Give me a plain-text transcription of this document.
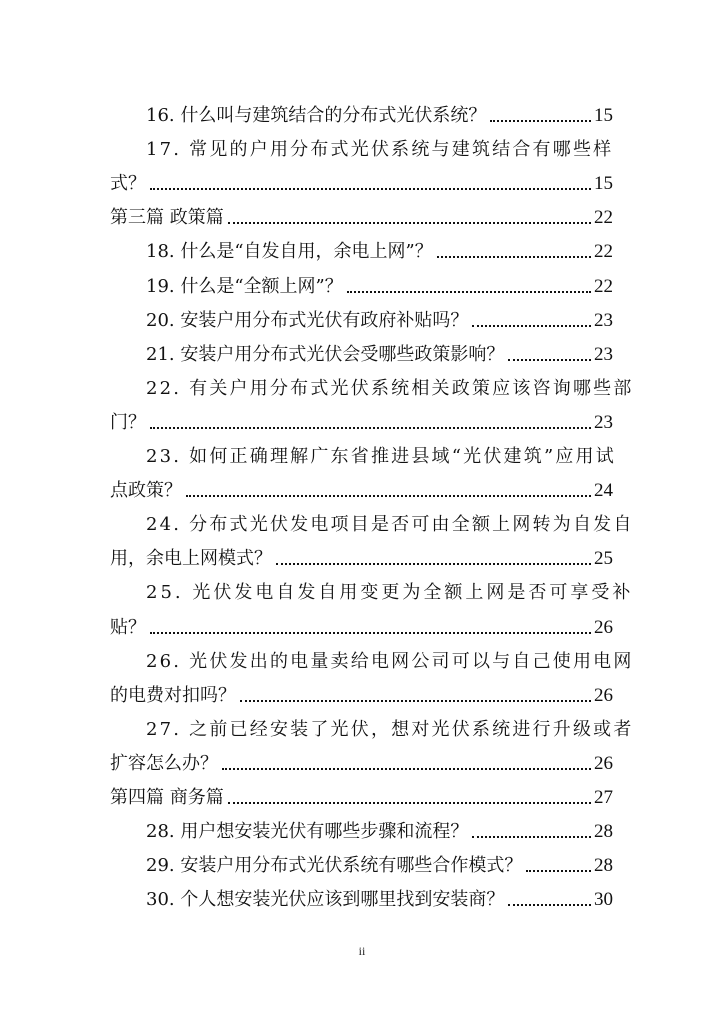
16. 什么叫与建筑结合的分布式光伏系统？	15
17. 常见的户用分布式光伏系统与建筑结合有哪些样
式？	15
第三篇 政策篇	22
18. 什么是“自发自用，余电上网”？	22
19. 什么是“全额上网”？	22
20. 安装户用分布式光伏有政府补贴吗？	23
21. 安装户用分布式光伏会受哪些政策影响？	23
22. 有关户用分布式光伏系统相关政策应该咨询哪些部
门？	23
23. 如何正确理解广东省推进县域“光伏建筑”应用试
点政策？	24
24. 分布式光伏发电项目是否可由全额上网转为自发自
用，余电上网模式？	25
25. 光伏发电自发自用变更为全额上网是否可享受补
贴？	26
26. 光伏发出的电量卖给电网公司可以与自己使用电网
的电费对扣吗？	26
27. 之前已经安装了光伏，想对光伏系统进行升级或者
扩容怎么办？	26
第四篇 商务篇	27
28. 用户想安装光伏有哪些步骤和流程？	28
29. 安装户用分布式光伏系统有哪些合作模式？	28
30. 个人想安装光伏应该到哪里找到安装商？	30
ii
